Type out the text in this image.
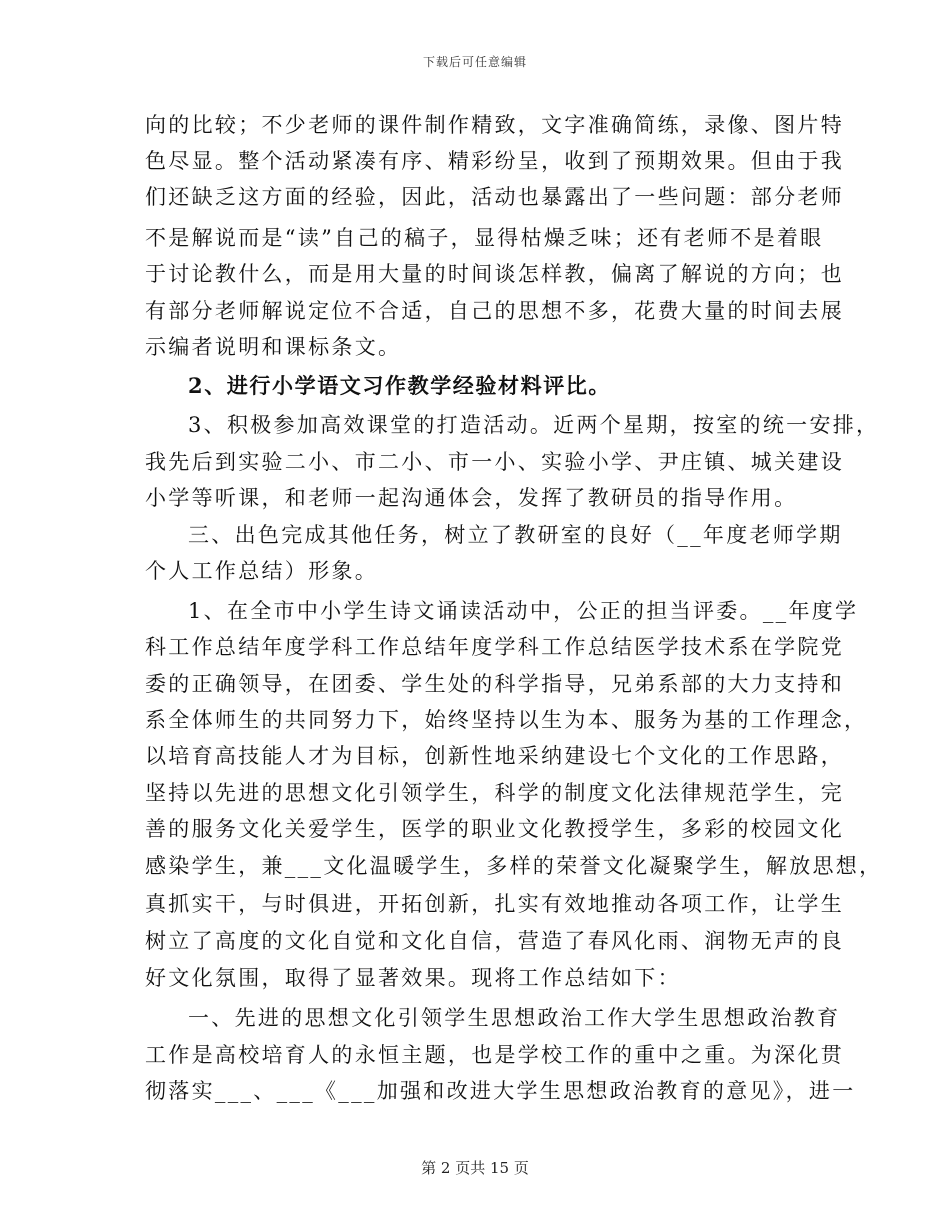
下载后可任意编辑
向的比较；不少老师的课件制作精致，文字准确简练，录像、图片特
色尽显。整个活动紧凑有序、精彩纷呈，收到了预期效果。但由于我
们还缺乏这方面的经验，因此，活动也暴露出了一些问题：部分老师
不是解说而是“读”自己的稿子，显得枯燥乏味；还有老师不是着眼
于讨论教什么，而是用大量的时间谈怎样教，偏离了解说的方向；也
有部分老师解说定位不合适，自己的思想不多，花费大量的时间去展
示编者说明和课标条文。
2、进行小学语文习作教学经验材料评比。
3、积极参加高效课堂的打造活动。近两个星期，按室的统一安排，
我先后到实验二小、市二小、市一小、实验小学、尹庄镇、城关建设
小学等听课，和老师一起沟通体会，发挥了教研员的指导作用。
三、出色完成其他任务，树立了教研室的良好（__年度老师学期
个人工作总结）形象。
1、在全市中小学生诗文诵读活动中，公正的担当评委。__年度学
科工作总结年度学科工作总结年度学科工作总结医学技术系在学院党
委的正确领导，在团委、学生处的科学指导，兄弟系部的大力支持和
系全体师生的共同努力下，始终坚持以生为本、服务为基的工作理念，
以培育高技能人才为目标，创新性地采纳建设七个文化的工作思路，
坚持以先进的思想文化引领学生，科学的制度文化法律规范学生，完
善的服务文化关爱学生，医学的职业文化教授学生，多彩的校园文化
感染学生，兼___文化温暖学生，多样的荣誉文化凝聚学生，解放思想，
真抓实干，与时俱进，开拓创新，扎实有效地推动各项工作，让学生
树立了高度的文化自觉和文化自信，营造了春风化雨、润物无声的良
好文化氛围，取得了显著效果。现将工作总结如下：
一、先进的思想文化引领学生思想政治工作大学生思想政治教育
工作是高校培育人的永恒主题，也是学校工作的重中之重。为深化贯
彻落实___、___《___加强和改进大学生思想政治教育的意见》，进一
第 2 页共 15 页
